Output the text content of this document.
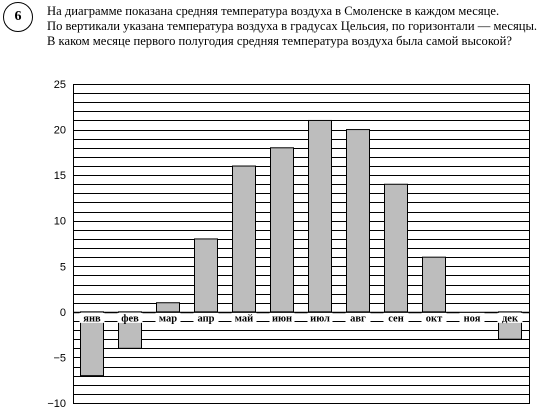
6 На диаграмме показана средняя температура воздуха в Смоленске в каждом месяце.
По вертикали указана температура воздуха в градусах Цельсия, по горизонтали — месяцы.
В каком месяце первого полугодия средняя температура воздуха была самой высокой?
−10
−5
0
5
10
15
20
25
янв фев мар апр май июн июл авг сен окт ноя дек
